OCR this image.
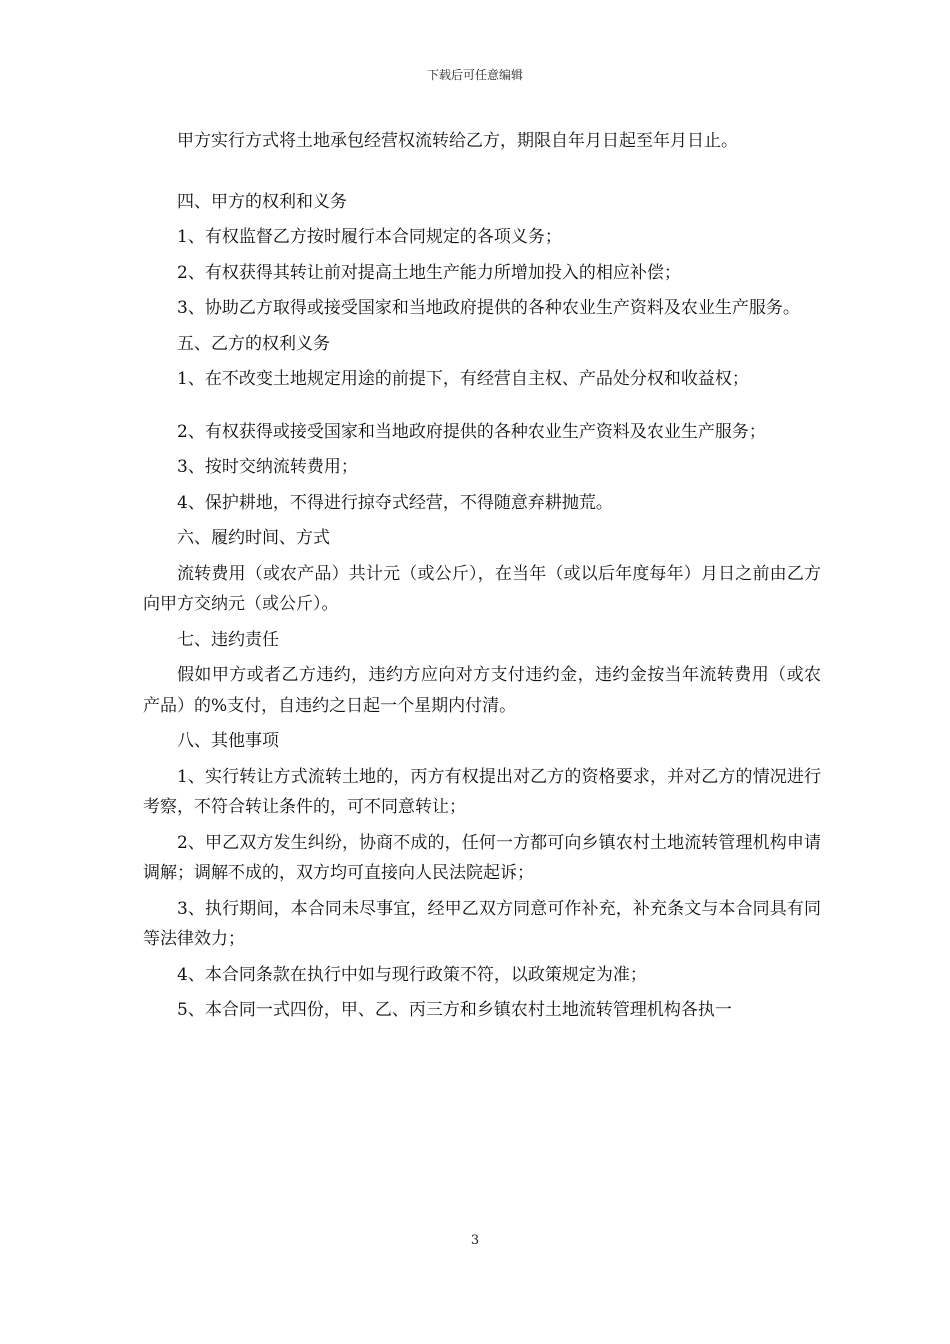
下载后可任意编辑

甲方实行方式将土地承包经营权流转给乙方，期限自年月日起至年月日止。

四、甲方的权利和义务

1、有权监督乙方按时履行本合同规定的各项义务；

2、有权获得其转让前对提高土地生产能力所增加投入的相应补偿；

3、协助乙方取得或接受国家和当地政府提供的各种农业生产资料及农业生产服务。

五、乙方的权利义务

1、在不改变土地规定用途的前提下，有经营自主权、产品处分权和收益权；

2、有权获得或接受国家和当地政府提供的各种农业生产资料及农业生产服务；

3、按时交纳流转费用；

4、保护耕地，不得进行掠夺式经营，不得随意弃耕抛荒。

六、履约时间、方式

流转费用（或农产品）共计元（或公斤），在当年（或以后年度每年）月日之前由乙方向甲方交纳元（或公斤）。

七、违约责任

假如甲方或者乙方违约，违约方应向对方支付违约金，违约金按当年流转费用（或农产品）的%支付，自违约之日起一个星期内付清。

八、其他事项

1、实行转让方式流转土地的，丙方有权提出对乙方的资格要求，并对乙方的情况进行考察，不符合转让条件的，可不同意转让；

2、甲乙双方发生纠纷，协商不成的，任何一方都可向乡镇农村土地流转管理机构申请调解；调解不成的，双方均可直接向人民法院起诉；

3、执行期间，本合同未尽事宜，经甲乙双方同意可作补充，补充条文与本合同具有同等法律效力；

4、本合同条款在执行中如与现行政策不符，以政策规定为准；

5、本合同一式四份，甲、乙、丙三方和乡镇农村土地流转管理机构各执一

3
